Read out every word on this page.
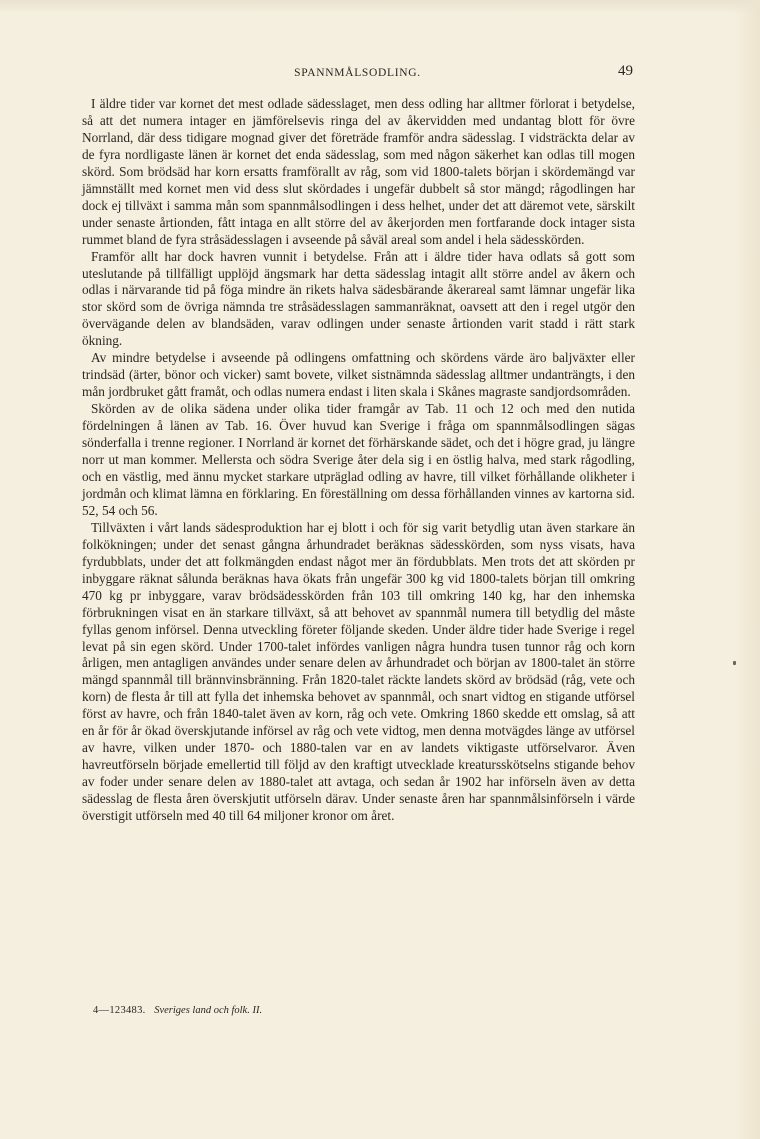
SPANNMÅLSODLING.	49

I äldre tider var kornet det mest odlade sädesslaget, men dess odling har alltmer förlorat i betydelse, så att det numera intager en jämförelsevis ringa del av åkervidden med undantag blott för övre Norrland, där dess tidigare mognad giver det företräde framför andra sädesslag. I vidsträckta delar av de fyra nordligaste länen är kornet det enda sädesslag, som med någon säkerhet kan odlas till mogen skörd. Som brödsäd har korn ersatts framförallt av råg, som vid 1800-talets början i skördemängd var jämnställt med kornet men vid dess slut skördades i ungefär dubbelt så stor mängd; rågodlingen har dock ej tillväxt i samma mån som spannmålsodlingen i dess helhet, under det att däremot vete, särskilt under senaste årtionden, fått intaga en allt större del av åkerjorden men fortfarande dock intager sista rummet bland de fyra stråsädesslagen i avseende på såväl areal som andel i hela sädesskörden.

Framför allt har dock havren vunnit i betydelse. Från att i äldre tider hava odlats så gott som uteslutande på tillfälligt upplöjd ängsmark har detta sädesslag intagit allt större andel av åkern och odlas i närvarande tid på föga mindre än rikets halva sädesbärande åkerareal samt lämnar ungefär lika stor skörd som de övriga nämnda tre stråsädesslagen sammanräknat, oavsett att den i regel utgör den övervägande delen av blandsäden, varav odlingen under senaste årtionden varit stadd i rätt stark ökning.

Av mindre betydelse i avseende på odlingens omfattning och skördens värde äro baljväxter eller trindsäd (ärter, bönor och vicker) samt bovete, vilket sistnämnda sädesslag alltmer undanträngts, i den mån jordbruket gått framåt, och odlas numera endast i liten skala i Skånes magraste sandjordsområden.

Skörden av de olika sädena under olika tider framgår av Tab. 11 och 12 och med den nutida fördelningen å länen av Tab. 16. Över huvud kan Sverige i fråga om spannmålsodlingen sägas sönderfalla i trenne regioner. I Norrland är kornet det förhärskande sädet, och det i högre grad, ju längre norr ut man kommer. Mellersta och södra Sverige åter dela sig i en östlig halva, med stark rågodling, och en västlig, med ännu mycket starkare utpräglad odling av havre, till vilket förhållande olikheter i jordmån och klimat lämna en förklaring. En föreställning om dessa förhållanden vinnes av kartorna sid. 52, 54 och 56.

Tillväxten i vårt lands sädesproduktion har ej blott i och för sig varit betydlig utan även starkare än folkökningen; under det senast gångna århundradet beräknas sädesskörden, som nyss visats, hava fyrdubblats, under det att folkmängden endast något mer än fördubblats. Men trots det att skörden pr inbyggare räknat sålunda beräknas hava ökats från ungefär 300 kg vid 1800-talets början till omkring 470 kg pr inbyggare, varav brödsädesskörden från 103 till omkring 140 kg, har den inhemska förbrukningen visat en än starkare tillväxt, så att behovet av spannmål numera till betydlig del måste fyllas genom införsel. Denna utveckling företer följande skeden. Under äldre tider hade Sverige i regel levat på sin egen skörd. Under 1700-talet infördes vanligen några hundra tusen tunnor råg och korn årligen, men antagligen användes under senare delen av århundradet och början av 1800-talet än större mängd spannmål till brännvinsbränning. Från 1820-talet räckte landets skörd av brödsäd (råg, vete och korn) de flesta år till att fylla det inhemska behovet av spannmål, och snart vidtog en stigande utförsel först av havre, och från 1840-talet även av korn, råg och vete. Omkring 1860 skedde ett omslag, så att en år för år ökad överskjutande införsel av råg och vete vidtog, men denna motvägdes länge av utförsel av havre, vilken under 1870- och 1880-talen var en av landets viktigaste utförselvaror. Även havreutförseln började emellertid till följd av den kraftigt utvecklade kreatursskötselns stigande behov av foder under senare delen av 1880-talet att avtaga, och sedan år 1902 har införseln även av detta sädesslag de flesta åren överskjutit utförseln därav. Under senaste åren har spannmålsinförseln i värde överstigit utförseln med 40 till 64 miljoner kronor om året.

4—123483. Sveriges land och folk. II.
